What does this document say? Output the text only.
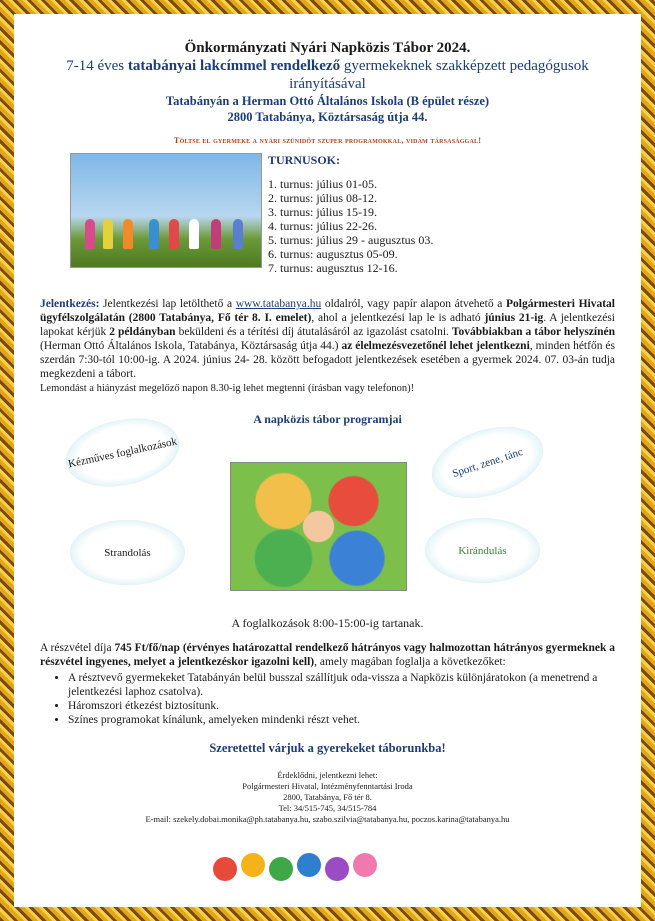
Önkormányzati Nyári Napközis Tábor 2024.
7-14 éves tatabányai lakcímmel rendelkező gyermekeknek szakképzett pedagógusok irányításával
Tatabányán a Herman Ottó Általános Iskola (B épület része)
2800 Tatabánya, Köztársaság útja 44.
Töltse el gyermeke a nyári szünidőt szuper programokkal, vidám társasággal!
TURNUSOK:
1. turnus: július 01-05.
2. turnus: július 08-12.
3. turnus: július 15-19.
4. turnus: július 22-26.
5. turnus: július 29 - augusztus 03.
6. turnus: augusztus 05-09.
7. turnus: augusztus 12-16.
Jelentkezés: Jelentkezési lap letölthető a www.tatabanya.hu oldalról, vagy papír alapon átvehető a Polgármesteri Hivatal ügyfélszolgálatán (2800 Tatabánya, Fő tér 8. I. emelet), ahol a jelentkezési lap le is adható június 21-ig. A jelentkezési lapokat kérjük 2 példányban beküldeni és a térítési díj átutalásáról az igazolást csatolni. Továbbiakban a tábor helyszínén (Herman Ottó Általános Iskola, Tatabánya, Köztársaság útja 44.) az élelmezésvezetőnél lehet jelentkezni, minden hétfőn és szerdán 7:30-tól 10:00-ig. A 2024. június 24- 28. között befogadott jelentkezések esetében a gyermek 2024. 07. 03-án tudja megkezdeni a tábort.
Lemondást a hiányzást megelőző napon 8.30-ig lehet megtenni (írásban vagy telefonon)!
A napközis tábor programjai
Kézműves foglalkozások	Sport, zene, tánc
Strandolás	Kirándulás
A foglalkozások 8:00-15:00-ig tartanak.
A részvétel díja 745 Ft/fő/nap (érvényes határozattal rendelkező hátrányos vagy halmozottan hátrányos gyermeknek a részvétel ingyenes, melyet a jelentkezéskor igazolni kell), amely magában foglalja a következőket:
• A résztvevő gyermekeket Tatabányán belül busszal szállítjuk oda-vissza a Napközis különjáratokon (a menetrend a jelentkezési laphoz csatolva).
• Háromszori étkezést biztosítunk.
• Színes programokat kínálunk, amelyeken mindenki részt vehet.
Szeretettel várjuk a gyerekeket táborunkba!
Érdeklődni, jelentkezni lehet:
Polgármesteri Hivatal, Intézményfenntartási Iroda
2800, Tatabánya, Fő tér 8.
Tel: 34/515-745, 34/515-784
E-mail: szekely.dobai.monika@ph.tatabanya.hu, szabo.szilvia@tatabanya.hu, poczos.karina@tatabanya.hu
